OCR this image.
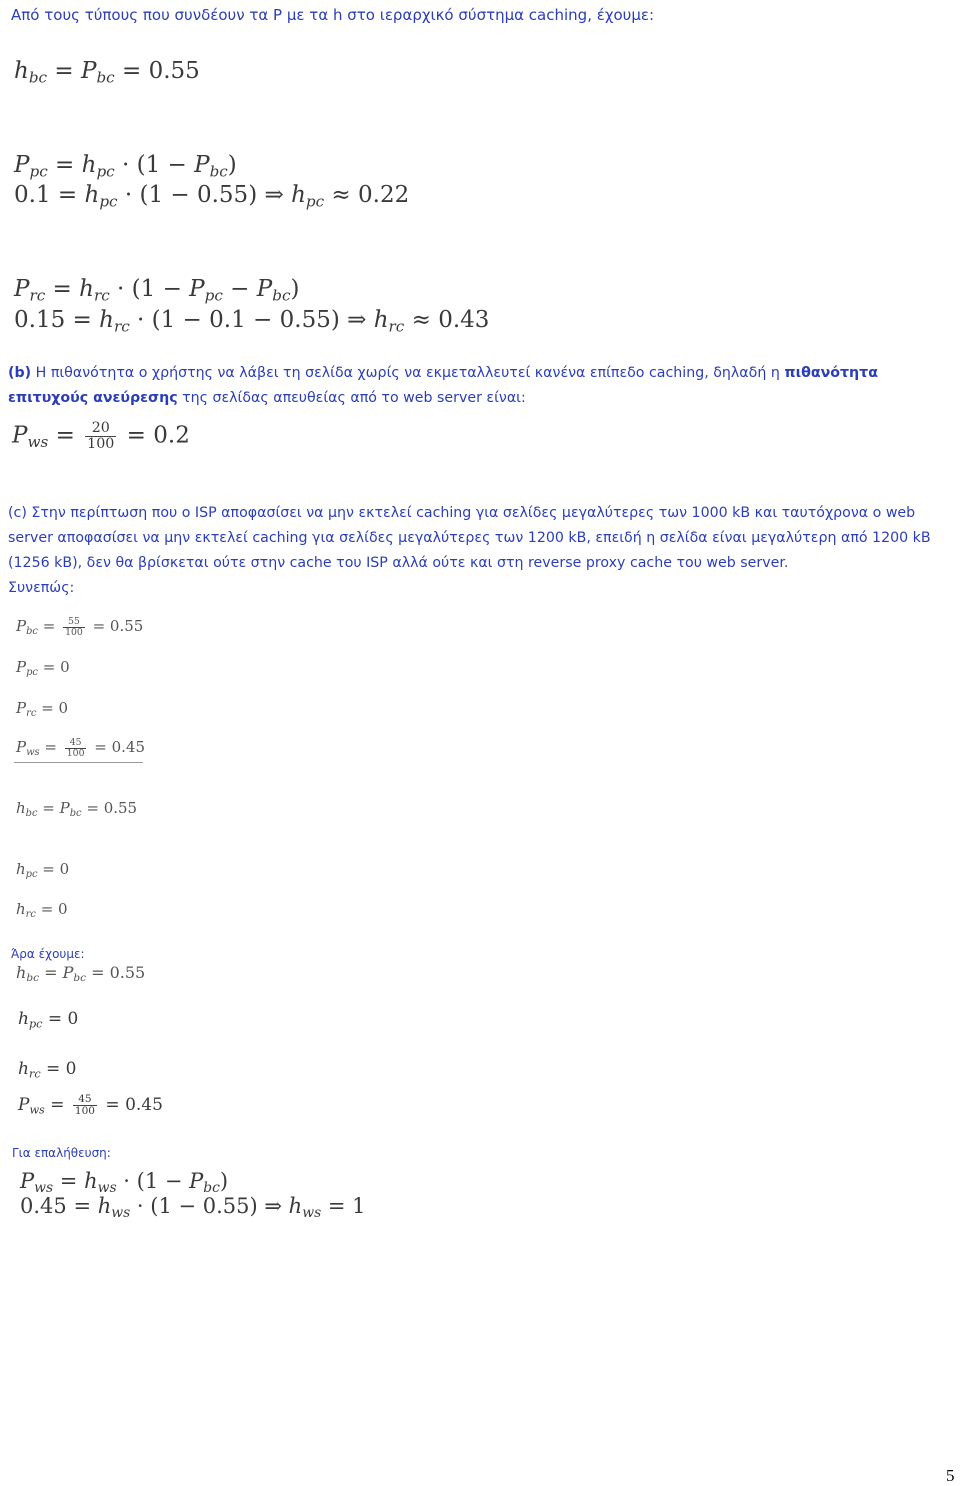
Από τους τύπους που συνδέουν τα P με τα h στο ιεραρχικό σύστημα caching, έχουμε:
$h_{bc} = P_{bc} = 0.55$
$P_{pc} = h_{pc} \cdot (1 - P_{bc})$
$0.1 = h_{pc} \cdot (1 - 0.55)$ ⇒ $h_{pc} \approx 0.22$
$P_{rc} = h_{rc} \cdot (1 - P_{pc} - P_{bc})$
$0.15 = h_{rc} \cdot (1 - 0.1 - 0.55)$ ⇒ $h_{rc} \approx 0.43$
(b) Η πιθανότητα ο χρήστης να λάβει τη σελίδα χωρίς να εκμεταλλευτεί κανένα επίπεδο caching, δηλαδή η πιθανότητα επιτυχούς ανεύρεσης της σελίδας απευθείας από το web server είναι:
$P_{ws} = \frac{20}{100} = 0.2$
(c) Στην περίπτωση που ο ISP αποφασίσει να μην εκτελεί caching για σελίδες μεγαλύτερες των 1000 kB και ταυτόχρονα ο web server αποφασίσει να μην εκτελεί caching για σελίδες μεγαλύτερες των 1200 kB, επειδή η σελίδα είναι μεγαλύτερη από 1200 kB (1256 kB), δεν θα βρίσκεται ούτε στην cache του ISP αλλά ούτε και στη reverse proxy cache του web server.
Συνεπώς:
$P_{bc} = \frac{55}{100} = 0.55$
$P_{pc} = 0$
$P_{rc} = 0$
$P_{ws} = \frac{45}{100} = 0.45$
$h_{bc} = P_{bc} = 0.55$
$h_{pc} = 0$
$h_{rc} = 0$
Άρα έχουμε:
$h_{bc} = P_{bc} = 0.55$
$h_{pc} = 0$
$h_{rc} = 0$
$P_{ws} = \frac{45}{100} = 0.45$
Για επαλήθευση:
$P_{ws} = h_{ws} \cdot (1 - P_{bc})$
$0.45 = h_{ws} \cdot (1 - 0.55)$ ⇒ $h_{ws} = 1$
5
